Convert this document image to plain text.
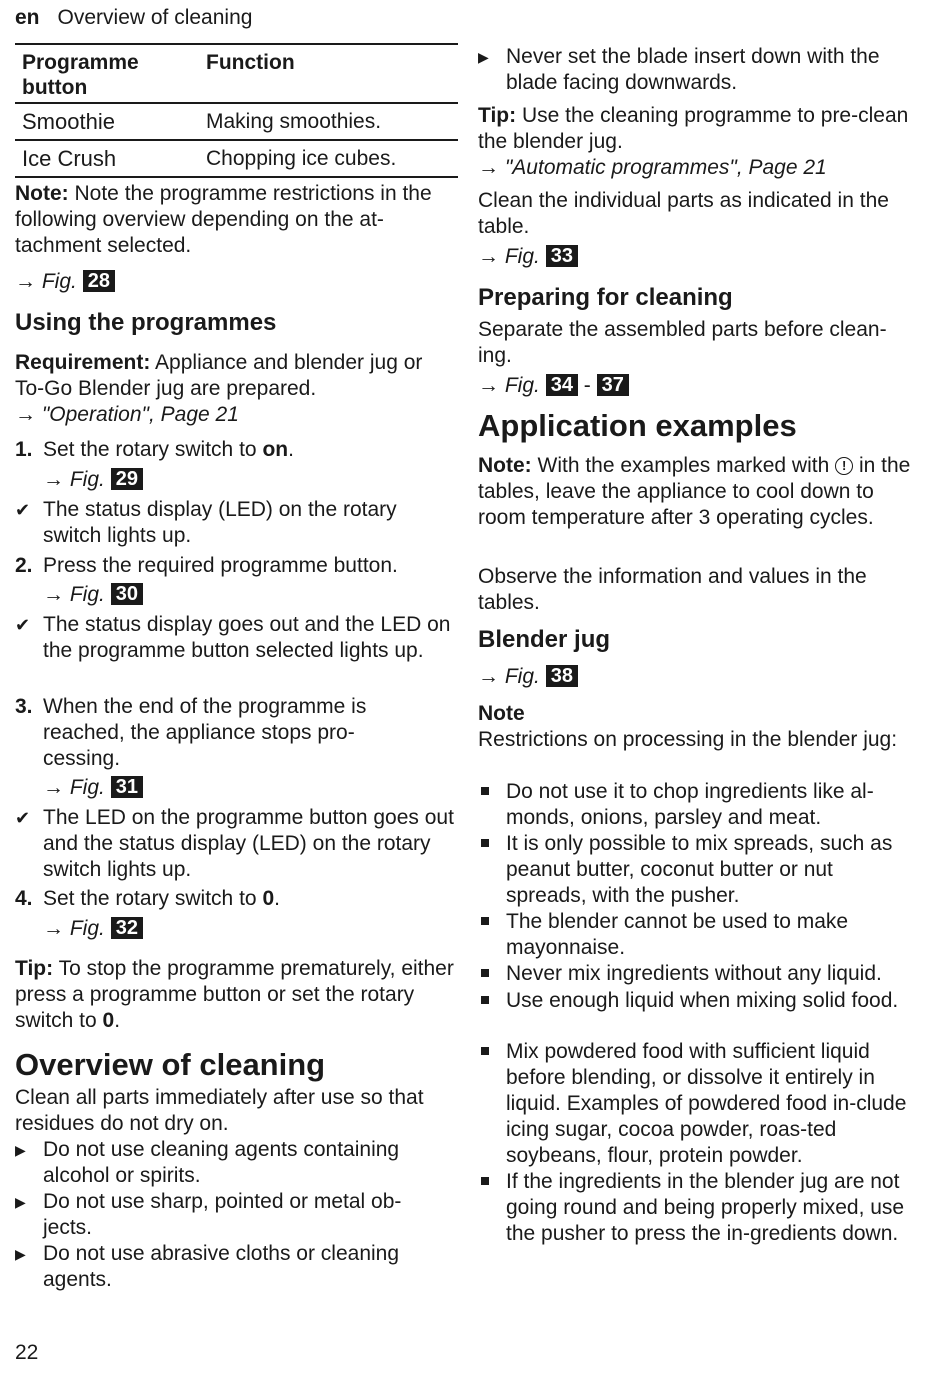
en Overview of cleaning
Programme button	Function
Smoothie	Making smoothies.
Ice Crush	Chopping ice cubes.

Note: Note the programme restrictions in the following overview depending on the at-tachment selected.

→ Fig. 28
Using the programmes

Requirement: Appliance and blender jug or To-Go Blender jug are prepared.

→ "Operation", Page 21

1. Set the rotary switch to on.
→ Fig. 29
✔ The status display (LED) on the rotary switch lights up.
2. Press the required programme button.
→ Fig. 30
✔ The status display goes out and the LED on the programme button selected lights up.
3. When the end of the programme is reached, the appliance stops pro-cessing.
→ Fig. 31
✔ The LED on the programme button goes out and the status display (LED) on the rotary switch lights up.
4. Set the rotary switch to 0.
→ Fig. 32

Tip: To stop the programme prematurely, either press a programme button or set the rotary switch to 0.

Overview of cleaning

Clean all parts immediately after use so that residues do not dry on.

▶ Do not use cleaning agents containing alcohol or spirits.
▶ Do not use sharp, pointed or metal ob-jects.
▶ Do not use abrasive cloths or cleaning agents.
▶ Never set the blade insert down with the blade facing downwards.

Tip: Use the cleaning programme to pre-clean the blender jug.

→ "Automatic programmes", Page 21

Clean the individual parts as indicated in the table.

→ Fig. 33
Preparing for cleaning

Separate the assembled parts before clean-ing.

→ Fig. 34 - 37
Application examples

Note: With the examples marked with ! in the tables, leave the appliance to cool down to room temperature after 3 operating cycles.

Observe the information and values in the tables.

Blender jug
→ Fig. 38

Note

Restrictions on processing in the blender jug:

Do not use it to chop ingredients like al-monds, onions, parsley and meat.
It is only possible to mix spreads, such as peanut butter, coconut butter or nut spreads, with the pusher.
The blender cannot be used to make mayonnaise.
Never mix ingredients without any liquid.
Use enough liquid when mixing solid food.
Mix powdered food with sufficient liquid before blending, or dissolve it entirely in liquid. Examples of powdered food in-clude icing sugar, cocoa powder, roas-ted soybeans, flour, protein powder.
If the ingredients in the blender jug are not going round and being properly mixed, use the pusher to press the in-gredients down.
22
